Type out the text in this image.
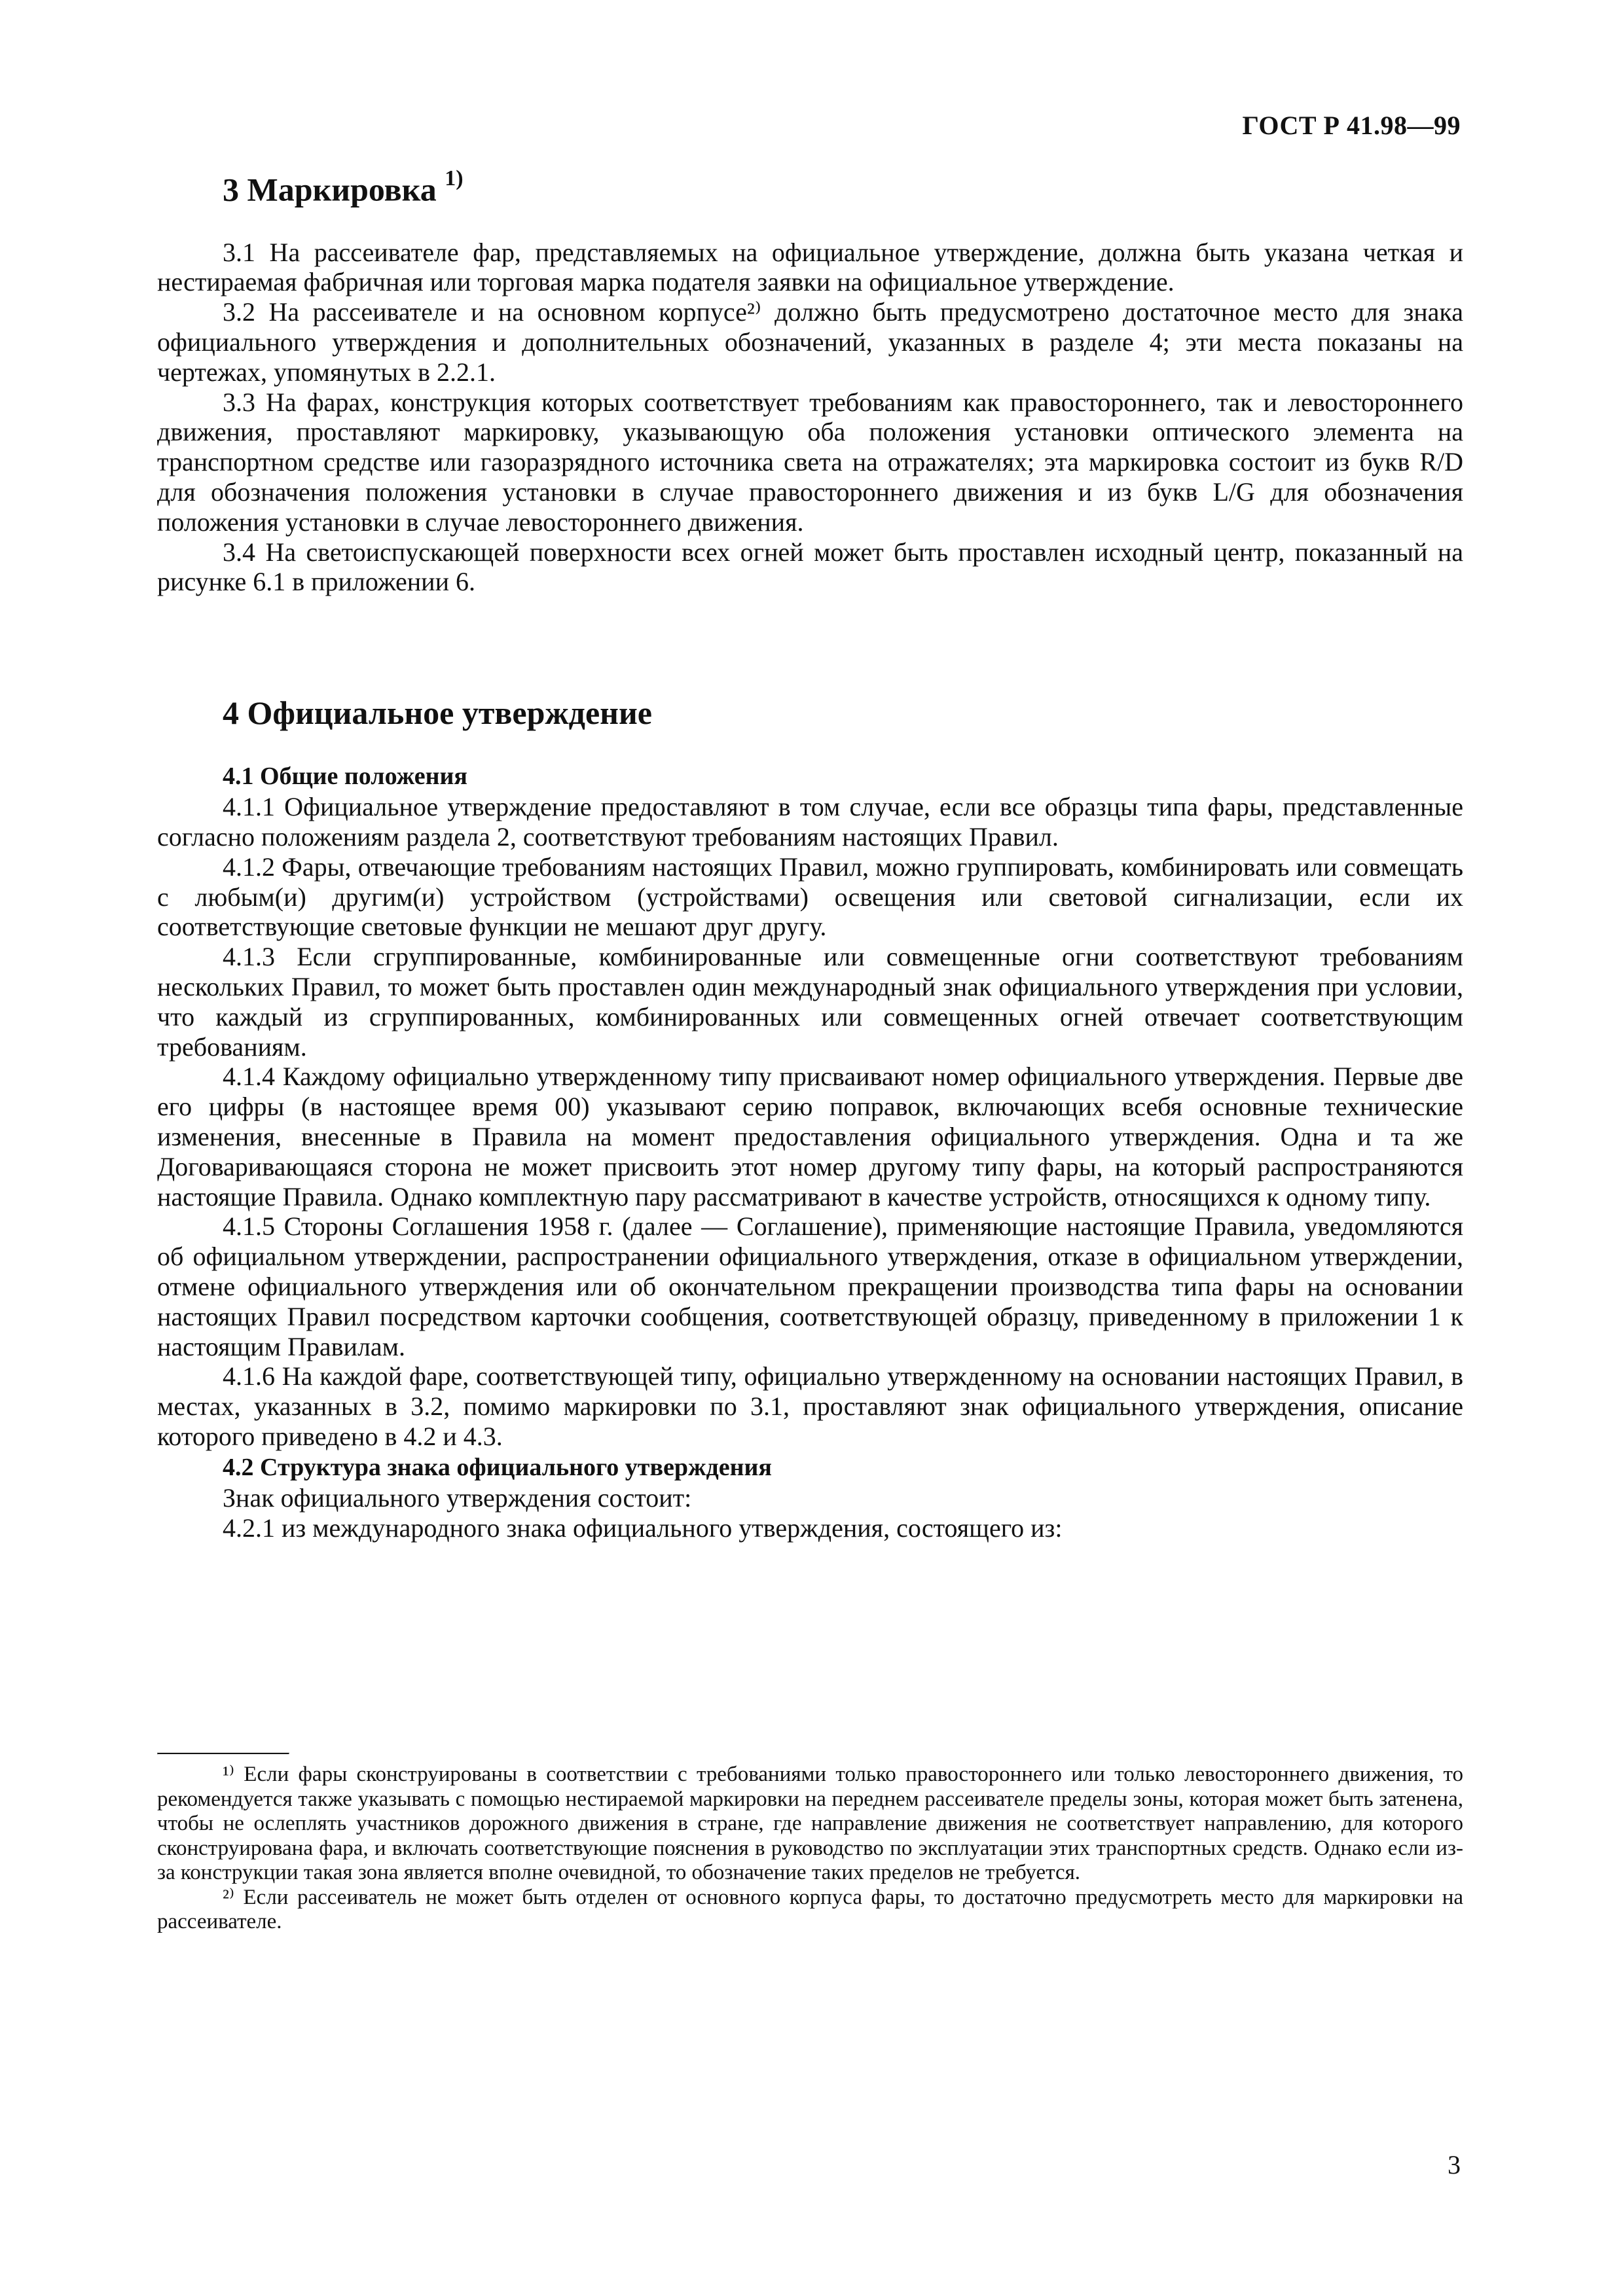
ГОСТ Р 41.98—99
3 Маркировка $^{1)}$

3.1 На рассеивателе фар, представляемых на официальное утверждение, должна быть указана четкая и нестираемая фабричная или торговая марка подателя заявки на официальное утверждение.

3.2 На рассеивателе и на основном корпусе²⁾ должно быть предусмотрено достаточное место для знака официального утверждения и дополнительных обозначений, указанных в разделе 4; эти места показаны на чертежах, упомянутых в 2.2.1.

3.3 На фарах, конструкция которых соответствует требованиям как правостороннего, так и левостороннего движения, проставляют маркировку, указывающую оба положения установки оптического элемента на транспортном средстве или газоразрядного источника света на отражателях; эта маркировка состоит из букв R/D для обозначения положения установки в случае правостороннего движения и из букв L/G для обозначения положения установки в случае левостороннего движения.

3.4 На светоиспускающей поверхности всех огней может быть проставлен исходный центр, показанный на рисунке 6.1 в приложении 6.

4 Официальное утверждение
4.1 Общие положения

4.1.1 Официальное утверждение предоставляют в том случае, если все образцы типа фары, представленные согласно положениям раздела 2, соответствуют требованиям настоящих Правил.

4.1.2 Фары, отвечающие требованиям настоящих Правил, можно группировать, комбинировать или совмещать с любым(и) другим(и) устройством (устройствами) освещения или световой сигнализации, если их соответствующие световые функции не мешают друг другу.

4.1.3 Если сгруппированные, комбинированные или совмещенные огни соответствуют требованиям нескольких Правил, то может быть проставлен один международный знак официального утверждения при условии, что каждый из сгруппированных, комбинированных или совмещенных огней отвечает соответствующим требованиям.

4.1.4 Каждому официально утвержденному типу присваивают номер официального утверждения. Первые две его цифры (в настоящее время 00) указывают серию поправок, включающих всебя основные технические изменения, внесенные в Правила на момент предоставления официального утверждения. Одна и та же Договаривающаяся сторона не может присвоить этот номер другому типу фары, на который распространяются настоящие Правила. Однако комплектную пару рассматривают в качестве устройств, относящихся к одному типу.

4.1.5 Стороны Соглашения 1958 г. (далее — Соглашение), применяющие настоящие Правила, уведомляются об официальном утверждении, распространении официального утверждения, отказе в официальном утверждении, отмене официального утверждения или об окончательном прекращении производства типа фары на основании настоящих Правил посредством карточки сообщения, соответствующей образцу, приведенному в приложении 1 к настоящим Правилам.

4.1.6 На каждой фаре, соответствующей типу, официально утвержденному на основании настоящих Правил, в местах, указанных в 3.2, помимо маркировки по 3.1, проставляют знак официального утверждения, описание которого приведено в 4.2 и 4.3.

4.2 Структура знака официального утверждения

Знак официального утверждения состоит:

4.2.1 из международного знака официального утверждения, состоящего из:

¹⁾ Если фары сконструированы в соответствии с требованиями только правостороннего или только левостороннего движения, то рекомендуется также указывать с помощью нестираемой маркировки на переднем рассеивателе пределы зоны, которая может быть затенена, чтобы не ослеплять участников дорожного движения в стране, где направление движения не соответствует направлению, для которого сконструирована фара, и включать соответствующие пояснения в руководство по эксплуатации этих транспортных средств. Однако если из-за конструкции такая зона является вполне очевидной, то обозначение таких пределов не требуется.

²⁾ Если рассеиватель не может быть отделен от основного корпуса фары, то достаточно предусмотреть место для маркировки на рассеивателе.

3
